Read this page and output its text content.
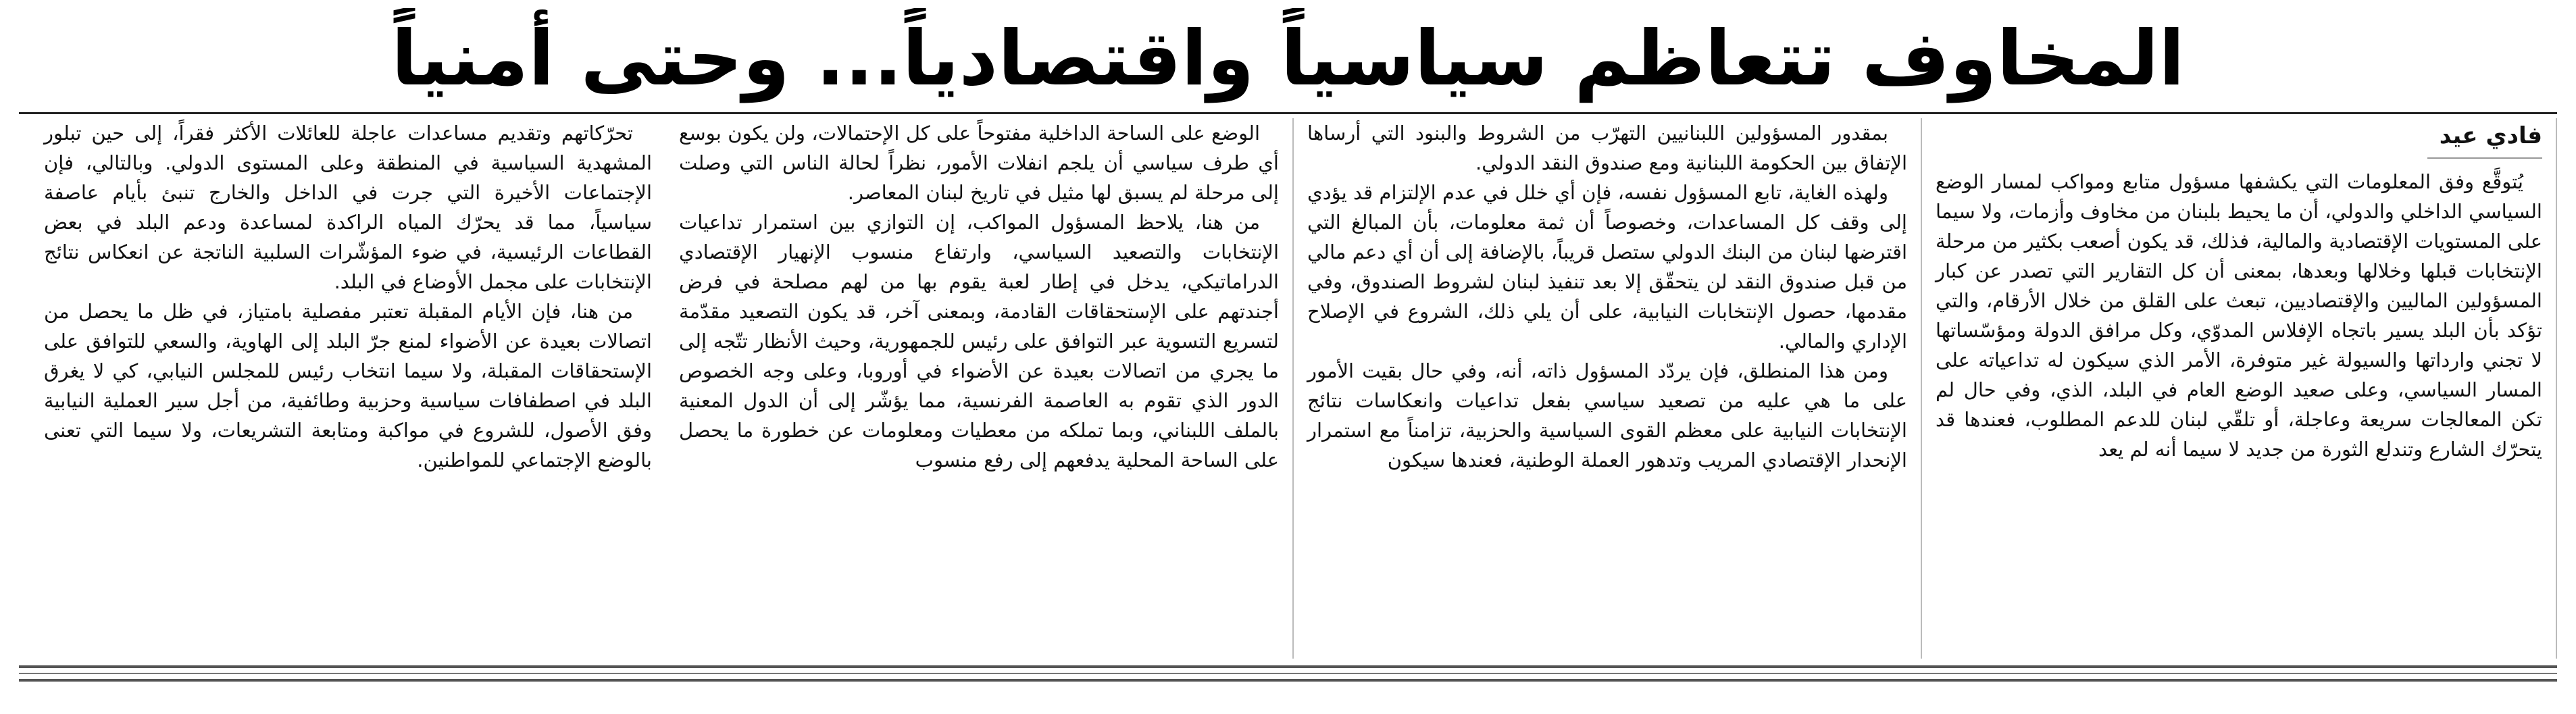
المخاوف تتعاظم سياسياً واقتصادياً... وحتى أمنياً
فادي عيد

يُتوقَّع وفق المعلومات التي يكشفها مسؤول متابع ومواكب لمسار الوضع السياسي الداخلي والدولي، أن ما يحيط بلبنان من مخاوف وأزمات، ولا سيما على المستويات الإقتصادية والمالية، فذلك، قد يكون أصعب بكثير من مرحلة الإنتخابات قبلها وخلالها وبعدها، بمعنى أن كل التقارير التي تصدر عن كبار المسؤولين الماليين والإقتصاديين، تبعث على القلق من خلال الأرقام، والتي تؤكد بأن البلد يسير باتجاه الإفلاس المدوّي، وكل مرافق الدولة ومؤسّساتها لا تجني وارداتها والسيولة غير متوفرة، الأمر الذي سيكون له تداعياته على المسار السياسي، وعلى صعيد الوضع العام في البلد، الذي، وفي حال لم تكن المعالجات سريعة وعاجلة، أو تلقّي لبنان للدعم المطلوب، فعندها قد يتحرّك الشارع وتندلع الثورة من جديد لا سيما أنه لم يعد

بمقدور المسؤولين اللبنانيين التهرّب من الشروط والبنود التي أرساها الإتفاق بين الحكومة اللبنانية ومع صندوق النقد الدولي.

ولهذه الغاية، تابع المسؤول نفسه، فإن أي خلل في عدم الإلتزام قد يؤدي إلى وقف كل المساعدات، وخصوصاً أن ثمة معلومات، بأن المبالغ التي اقترضها لبنان من البنك الدولي ستصل قريباً، بالإضافة إلى أن أي دعم مالي من قبل صندوق النقد لن يتحقّق إلا بعد تنفيذ لبنان لشروط الصندوق، وفي مقدمها، حصول الإنتخابات النيابية، على أن يلي ذلك، الشروع في الإصلاح الإداري والمالي.

ومن هذا المنطلق، فإن يردّد المسؤول ذاته، أنه، وفي حال بقيت الأمور على ما هي عليه من تصعيد سياسي بفعل تداعيات وانعكاسات نتائج الإنتخابات النيابية على معظم القوى السياسية والحزبية، تزامناً مع استمرار الإنحدار الإقتصادي المريب وتدهور العملة الوطنية، فعندها سيكون

الوضع على الساحة الداخلية مفتوحاً على كل الإحتمالات، ولن يكون بوسع أي طرف سياسي أن يلجم انفلات الأمور، نظراً لحالة الناس التي وصلت إلى مرحلة لم يسبق لها مثيل في تاريخ لبنان المعاصر.

من هنا، يلاحظ المسؤول المواكب، إن التوازي بين استمرار تداعيات الإنتخابات والتصعيد السياسي، وارتفاع منسوب الإنهيار الإقتصادي الدراماتيكي، يدخل في إطار لعبة يقوم بها من لهم مصلحة في فرض أجندتهم على الإستحقاقات القادمة، وبمعنى آخر، قد يكون التصعيد مقدّمة لتسريع التسوية عبر التوافق على رئيس للجمهورية، وحيث الأنظار تتّجه إلى ما يجري من اتصالات بعيدة عن الأضواء في أوروبا، وعلى وجه الخصوص الدور الذي تقوم به العاصمة الفرنسية، مما يؤشّر إلى أن الدول المعنية بالملف اللبناني، وبما تملكه من معطيات ومعلومات عن خطورة ما يحصل على الساحة المحلية يدفعهم إلى رفع منسوب

تحرّكاتهم وتقديم مساعدات عاجلة للعائلات الأكثر فقراً، إلى حين تبلور المشهدية السياسية في المنطقة وعلى المستوى الدولي. وبالتالي، فإن الإجتماعات الأخيرة التي جرت في الداخل والخارج تنبئ بأيام عاصفة سياسياً، مما قد يحرّك المياه الراكدة لمساعدة ودعم البلد في بعض القطاعات الرئيسية، في ضوء المؤشّرات السلبية الناتجة عن انعكاس نتائج الإنتخابات على مجمل الأوضاع في البلد.

من هنا، فإن الأيام المقبلة تعتبر مفصلية بامتياز، في ظل ما يحصل من اتصالات بعيدة عن الأضواء لمنع جرّ البلد إلى الهاوية، والسعي للتوافق على الإستحقاقات المقبلة، ولا سيما انتخاب رئيس للمجلس النيابي، كي لا يغرق البلد في اصطفافات سياسية وحزبية وطائفية، من أجل سير العملية النيابية وفق الأصول، للشروع في مواكبة ومتابعة التشريعات، ولا سيما التي تعنى بالوضع الإجتماعي للمواطنين.
